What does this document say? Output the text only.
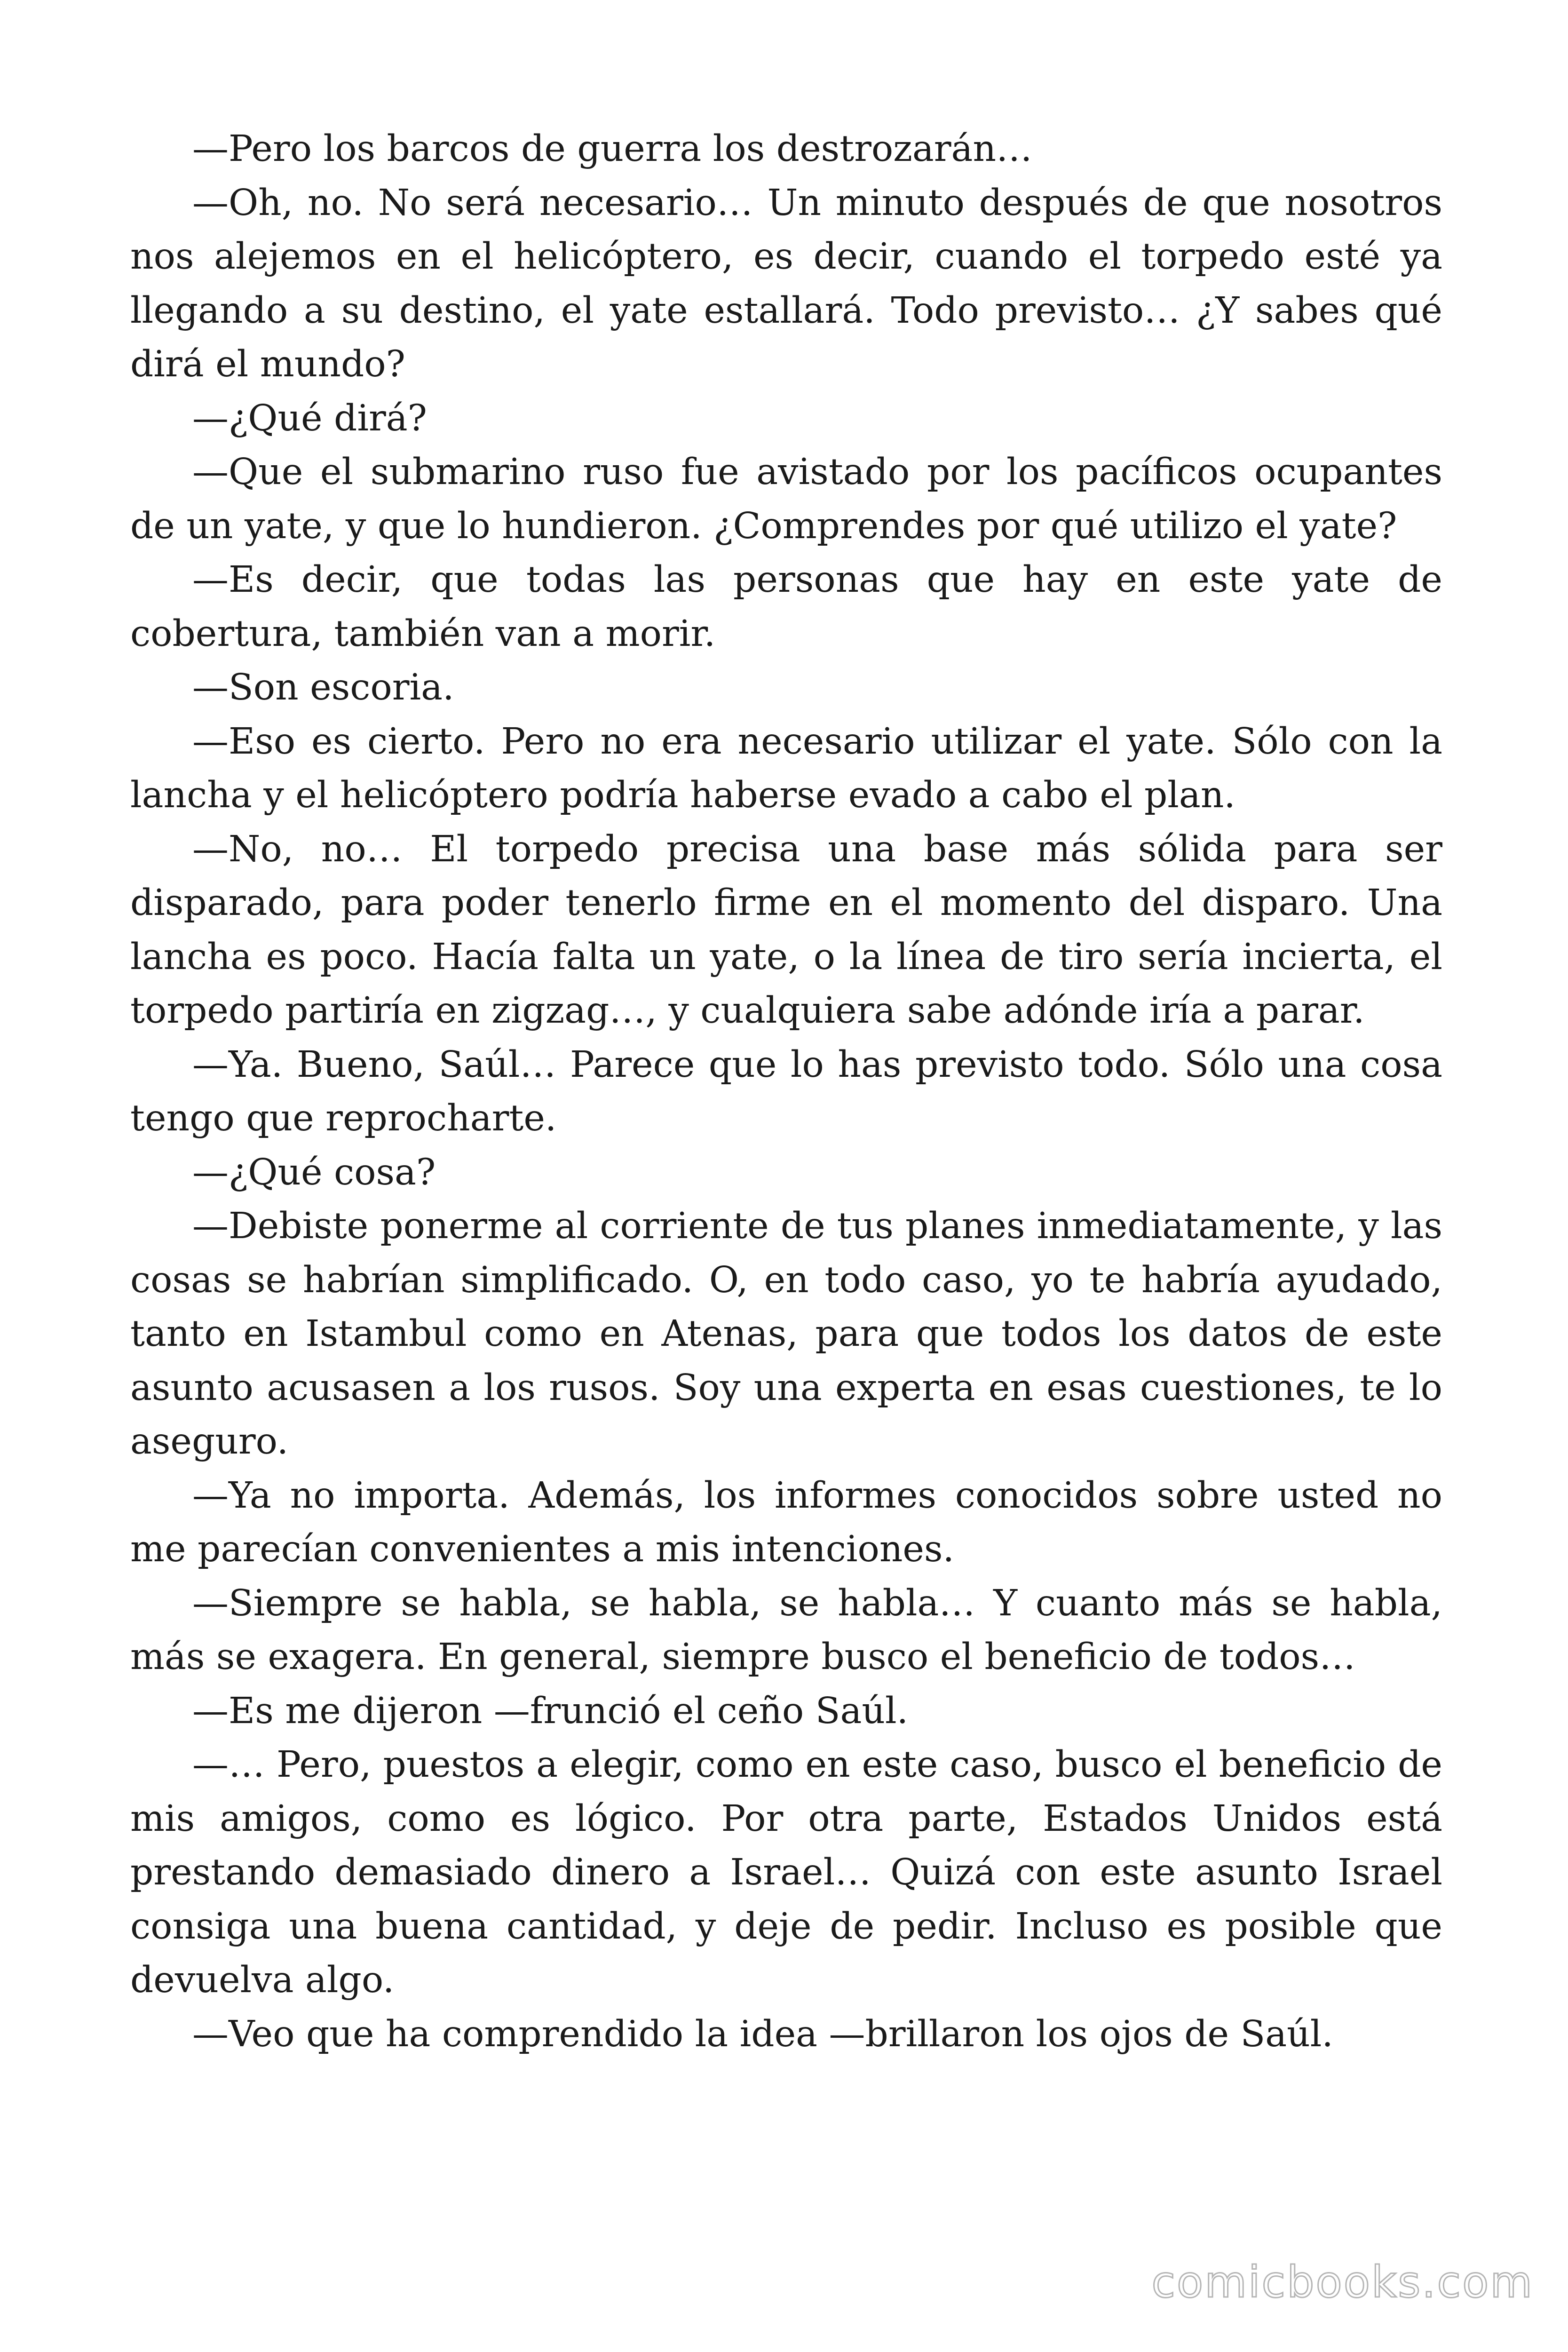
—Pero los barcos de guerra los destrozarán…

—Oh, no. No será necesario… Un minuto después de que nosotros nos alejemos en el helicóptero, es decir, cuando el torpedo esté ya llegando a su destino, el yate estallará. Todo previsto… ¿Y sabes qué dirá el mundo?

—¿Qué dirá?

—Que el submarino ruso fue avistado por los pacíficos ocupantes de un yate, y que lo hundieron. ¿Comprendes por qué utilizo el yate?

—Es decir, que todas las personas que hay en este yate de cobertura, también van a morir.

—Son escoria.

—Eso es cierto. Pero no era necesario utilizar el yate. Sólo con la lancha y el helicóptero podría haberse evado a cabo el plan.

—No, no… El torpedo precisa una base más sólida para ser disparado, para poder tenerlo firme en el momento del disparo. Una lancha es poco. Hacía falta un yate, o la línea de tiro sería incierta, el torpedo partiría en zigzag…, y cualquiera sabe adónde iría a parar.

—Ya. Bueno, Saúl… Parece que lo has previsto todo. Sólo una cosa tengo que reprocharte.

—¿Qué cosa?

—Debiste ponerme al corriente de tus planes inmediatamente, y las cosas se habrían simplificado. O, en todo caso, yo te habría ayudado, tanto en Istambul como en Atenas, para que todos los datos de este asunto acusasen a los rusos. Soy una experta en esas cuestiones, te lo aseguro.

—Ya no importa. Además, los informes conocidos sobre usted no me parecían convenientes a mis intenciones.

—Siempre se habla, se habla, se habla… Y cuanto más se habla, más se exagera. En general, siempre busco el beneficio de todos…

—Es me dijeron —frunció el ceño Saúl.

—… Pero, puestos a elegir, como en este caso, busco el beneficio de mis amigos, como es lógico. Por otra parte, Estados Unidos está prestando demasiado dinero a Israel… Quizá con este asunto Israel consiga una buena cantidad, y deje de pedir. Incluso es posible que devuelva algo.

—Veo que ha comprendido la idea —brillaron los ojos de Saúl.

comicbooks.com
